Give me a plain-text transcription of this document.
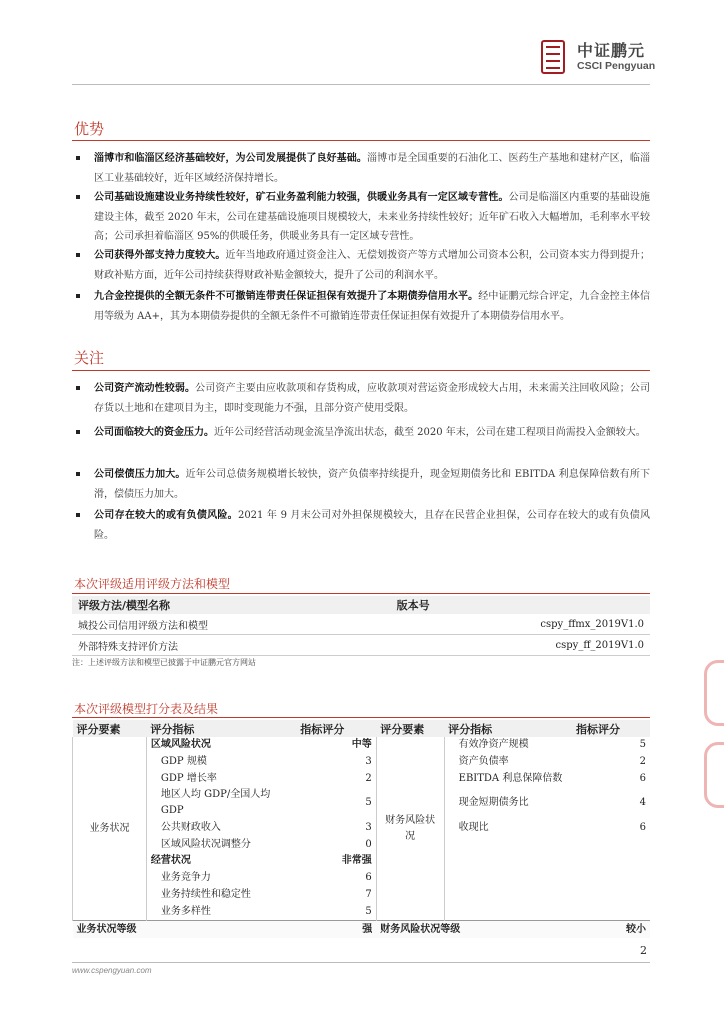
中证鹏元
CSCI Pengyuan
优势
淄博市和临淄区经济基础较好，为公司发展提供了良好基础。淄博市是全国重要的石油化工、医药生产基地和建材产区，临淄区工业基础较好，近年区域经济保持增长。
公司基础设施建设业务持续性较好，矿石业务盈利能力较强，供暖业务具有一定区域专营性。公司是临淄区内重要的基础设施建设主体，截至 2020 年末，公司在建基础设施项目规模较大，未来业务持续性较好；近年矿石收入大幅增加，毛利率水平较高；公司承担着临淄区 95%的供暖任务，供暖业务具有一定区域专营性。
公司获得外部支持力度较大。近年当地政府通过资金注入、无偿划拨资产等方式增加公司资本公积，公司资本实力得到提升；财政补贴方面，近年公司持续获得财政补贴金额较大，提升了公司的利润水平。
九合金控提供的全额无条件不可撤销连带责任保证担保有效提升了本期债券信用水平。经中证鹏元综合评定，九合金控主体信用等级为 AA+，其为本期债券提供的全额无条件不可撤销连带责任保证担保有效提升了本期债券信用水平。
关注
公司资产流动性较弱。公司资产主要由应收款项和存货构成，应收款项对营运资金形成较大占用，未来需关注回收风险；公司存货以土地和在建项目为主，即时变现能力不强，且部分资产使用受限。
公司面临较大的资金压力。近年公司经营活动现金流呈净流出状态，截至 2020 年末，公司在建工程项目尚需投入金额较大。
公司偿债压力加大。近年公司总债务规模增长较快，资产负债率持续提升，现金短期债务比和 EBITDA 利息保障倍数有所下滑，偿债压力加大。
公司存在较大的或有负债风险。2021 年 9 月末公司对外担保规模较大，且存在民营企业担保，公司存在较大的或有负债风险。
本次评级适用评级方法和模型
评级方法/模型名称	版本号
城投公司信用评级方法和模型	cspy_ffmx_2019V1.0
外部特殊支持评价方法	cspy_ff_2019V1.0
注：上述评级方法和模型已披露于中证鹏元官方网站
本次评级模型打分表及结果
评分要素	评分指标	指标评分	评分要素	评分指标	指标评分
业务状况	区域风险状况	中等	财务风险状况	有效净资产规模	5
	GDP 规模	3		资产负债率	2
	GDP 增长率	2		EBITDA 利息保障倍数	6
	地区人均 GDP/全国人均 GDP	5		现金短期债务比	4
	公共财政收入	3		收现比	6
	区域风险状况调整分	0			
	经营状况	非常强			
	业务竞争力	6			
	业务持续性和稳定性	7			
	业务多样性	5			
业务状况等级		强	财务风险状况等级		较小
2
www.cspengyuan.com
